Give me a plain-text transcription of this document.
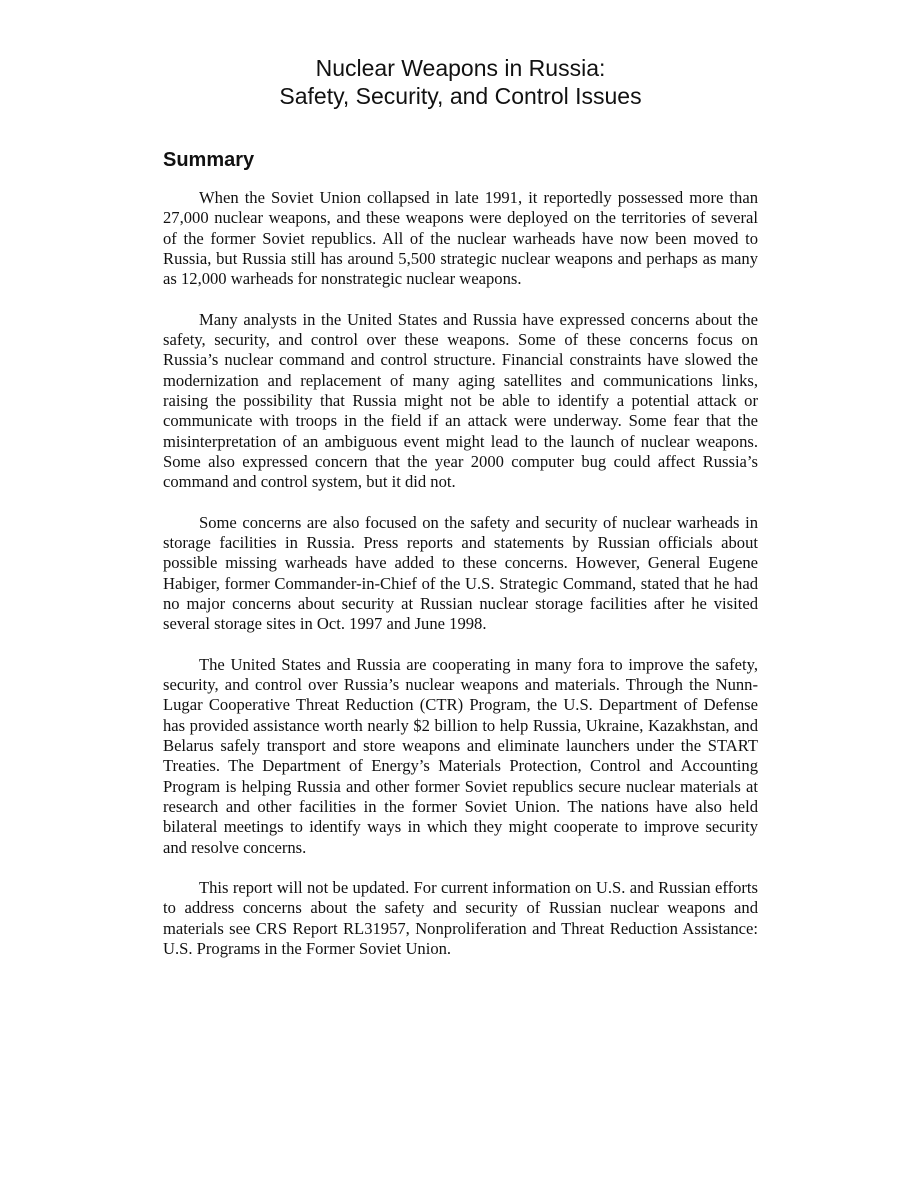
Nuclear Weapons in Russia:
Safety, Security, and Control Issues
Summary

When the Soviet Union collapsed in late 1991, it reportedly possessed more than 27,000 nuclear weapons, and these weapons were deployed on the territories of several of the former Soviet republics. All of the nuclear warheads have now been moved to Russia, but Russia still has around 5,500 strategic nuclear weapons and perhaps as many as 12,000 warheads for nonstrategic nuclear weapons.

Many analysts in the United States and Russia have expressed concerns about the safety, security, and control over these weapons. Some of these concerns focus on Russia’s nuclear command and control structure. Financial constraints have slowed the modernization and replacement of many aging satellites and communications links, raising the possibility that Russia might not be able to identify a potential attack or communicate with troops in the field if an attack were underway. Some fear that the misinterpretation of an ambiguous event might lead to the launch of nuclear weapons. Some also expressed concern that the year 2000 computer bug could affect Russia’s command and control system, but it did not.

Some concerns are also focused on the safety and security of nuclear warheads in storage facilities in Russia. Press reports and statements by Russian officials about possible missing warheads have added to these concerns. However, General Eugene Habiger, former Commander-in-Chief of the U.S. Strategic Command, stated that he had no major concerns about security at Russian nuclear storage facilities after he visited several storage sites in Oct. 1997 and June 1998.

The United States and Russia are cooperating in many fora to improve the safety, security, and control over Russia’s nuclear weapons and materials. Through the Nunn-Lugar Cooperative Threat Reduction (CTR) Program, the U.S. Department of Defense has provided assistance worth nearly $2 billion to help Russia, Ukraine, Kazakhstan, and Belarus safely transport and store weapons and eliminate launchers under the START Treaties. The Department of Energy’s Materials Protection, Control and Accounting Program is helping Russia and other former Soviet republics secure nuclear materials at research and other facilities in the former Soviet Union. The nations have also held bilateral meetings to identify ways in which they might cooperate to improve security and resolve concerns.

This report will not be updated. For current information on U.S. and Russian efforts to address concerns about the safety and security of Russian nuclear weapons and materials see CRS Report RL31957, Nonproliferation and Threat Reduction Assistance: U.S. Programs in the Former Soviet Union.
